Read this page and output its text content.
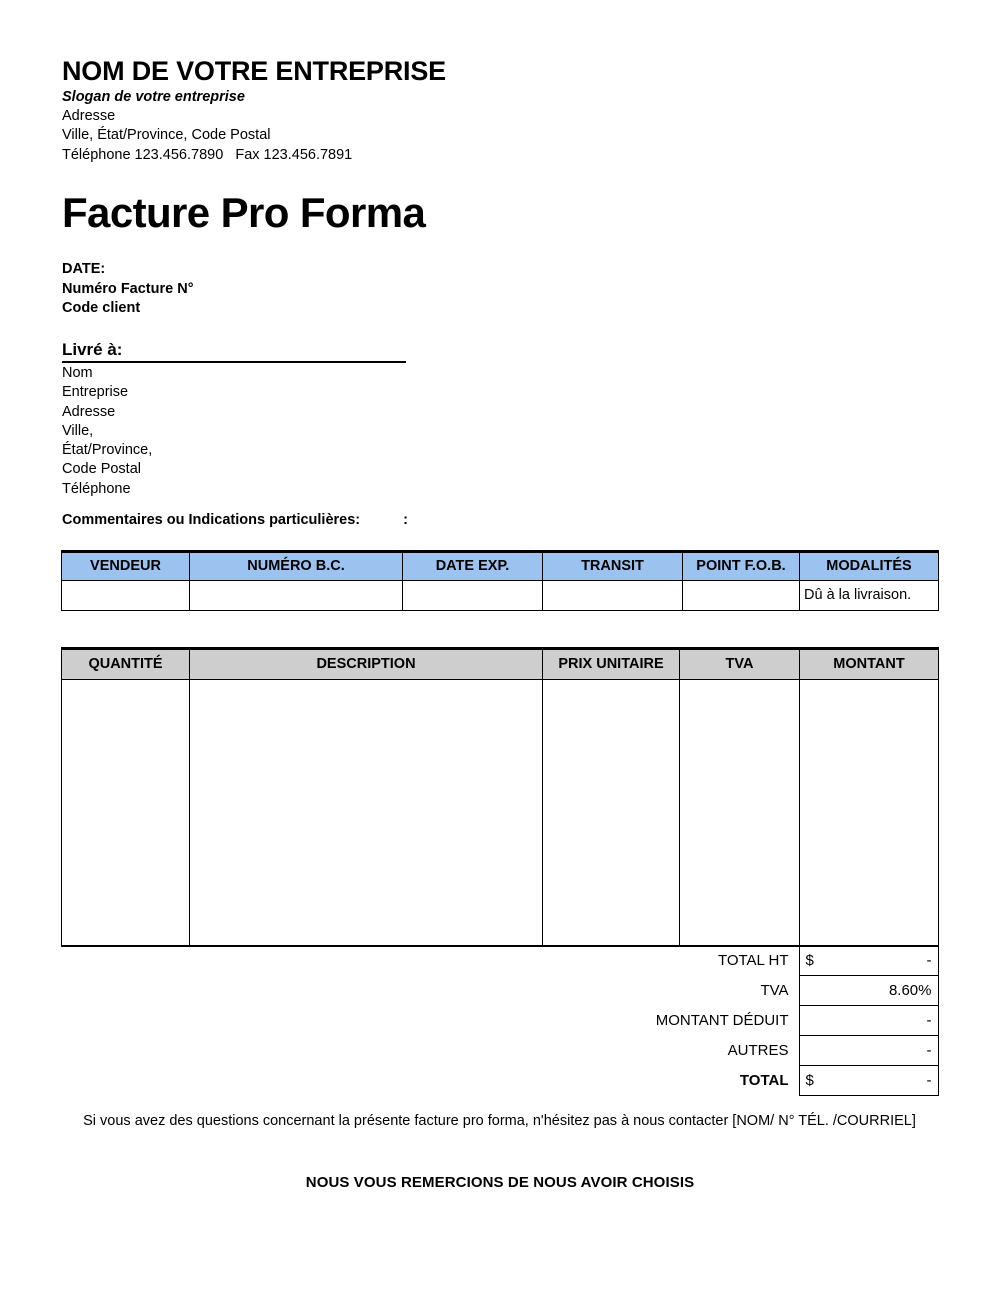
NOM DE VOTRE ENTREPRISE
Slogan de votre entreprise
Adresse
Ville, État/Province, Code Postal
Téléphone 123.456.7890   Fax 123.456.7891
Facture Pro Forma
DATE:
Numéro Facture N°
Code client
Livré à:
Nom
Entreprise
Adresse
Ville,
État/Province,
Code Postal
Téléphone
Commentaires ou Indications particulières:	:
VENDEUR	NUMÉRO B.C.	DATE EXP.	TRANSIT	POINT F.O.B.	MODALITÉS
					Dû à la livraison.
QUANTITÉ	DESCRIPTION	PRIX UNITAIRE	TVA	MONTANT

TOTAL HT	$ -

TVA	8.60%

MONTANT DÉDUIT	-

AUTRES	-

TOTAL	$ -
Si vous avez des questions concernant la présente facture pro forma, n'hésitez pas à nous contacter [NOM/ N° TÉL. /COURRIEL]
NOUS VOUS REMERCIONS DE NOUS AVOIR CHOISIS
